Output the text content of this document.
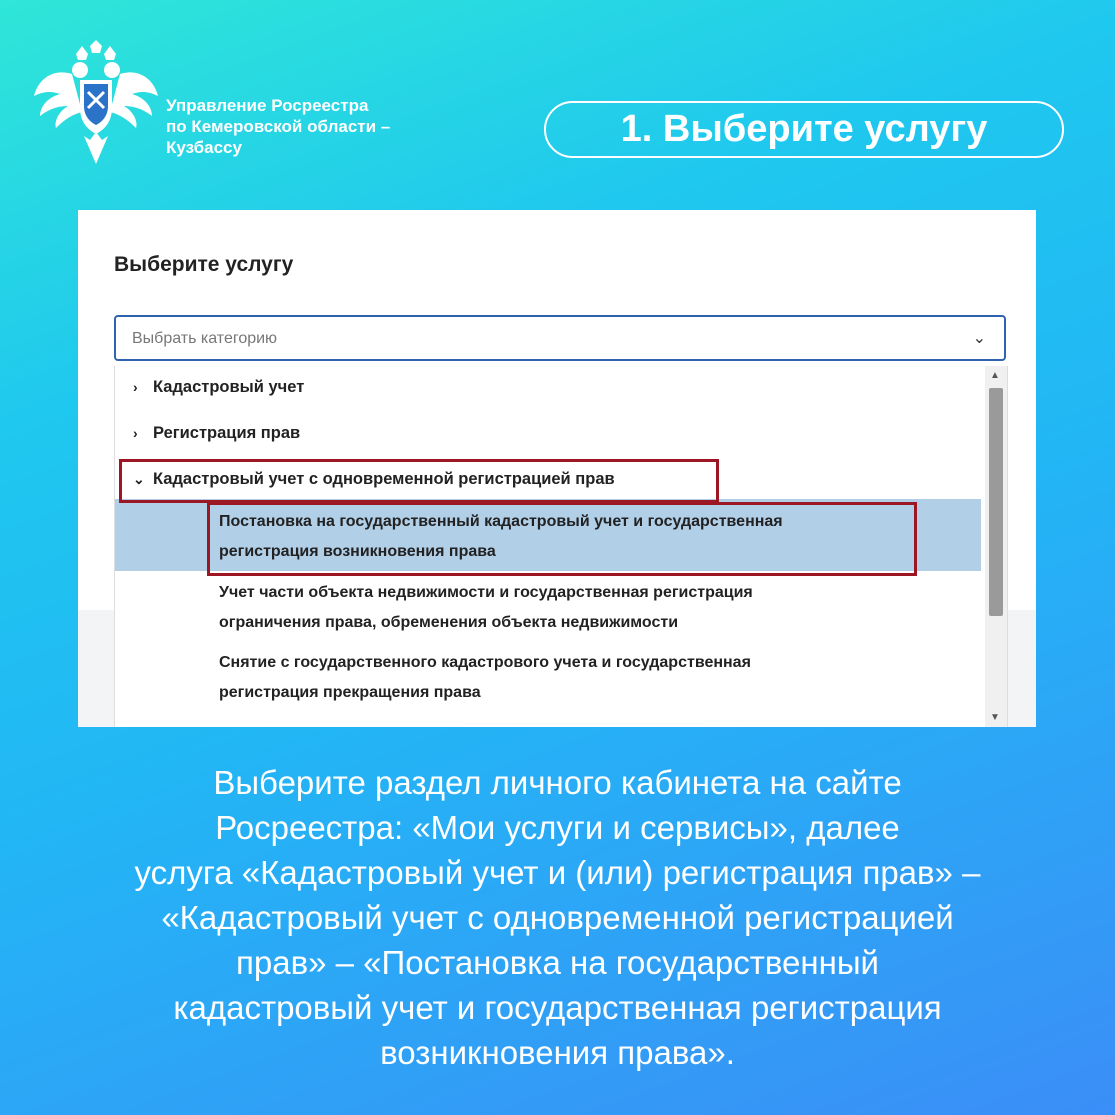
Управление Росреестра
по Кемеровской области –
Кузбассу	1. Выберите услугу
Выберите услугу
Выбрать категорию	⌄
› Кадастровый учет
› Регистрация прав
⌄ Кадастровый учет с одновременной регистрацией прав
Постановка на государственный кадастровый учет и государственная
регистрация возникновения права
Учет части объекта недвижимости и государственная регистрация
ограничения права, обременения объекта недвижимости
Снятие с государственного кадастрового учета и государственная
регистрация прекращения права
▲
▼
Выберите раздел личного кабинета на сайте
Росреестра: «Мои услуги и сервисы», далее
услуга «Кадастровый учет и (или) регистрация прав» –
«Кадастровый учет с одновременной регистрацией
прав» – «Постановка на государственный
кадастровый учет и государственная регистрация
возникновения права».
